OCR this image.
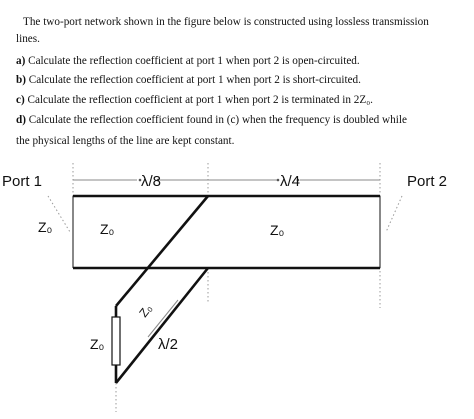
The two-port network shown in the figure below is constructed using lossless transmission
lines.
a) Calculate the reflection coefficient at port 1 when port 2 is open-circuited.
b) Calculate the reflection coefficient at port 1 when port 2 is short-circuited.
c) Calculate the reflection coefficient at port 1 when port 2 is terminated in 2Z₀.
d) Calculate the reflection coefficient found in (c) when the frequency is doubled while
the physical lengths of the line are kept constant.
Port 1	Port 2
λ/8	λ/4
λ/2
Z₀	Z₀	Z₀
Z₀
Z₀
